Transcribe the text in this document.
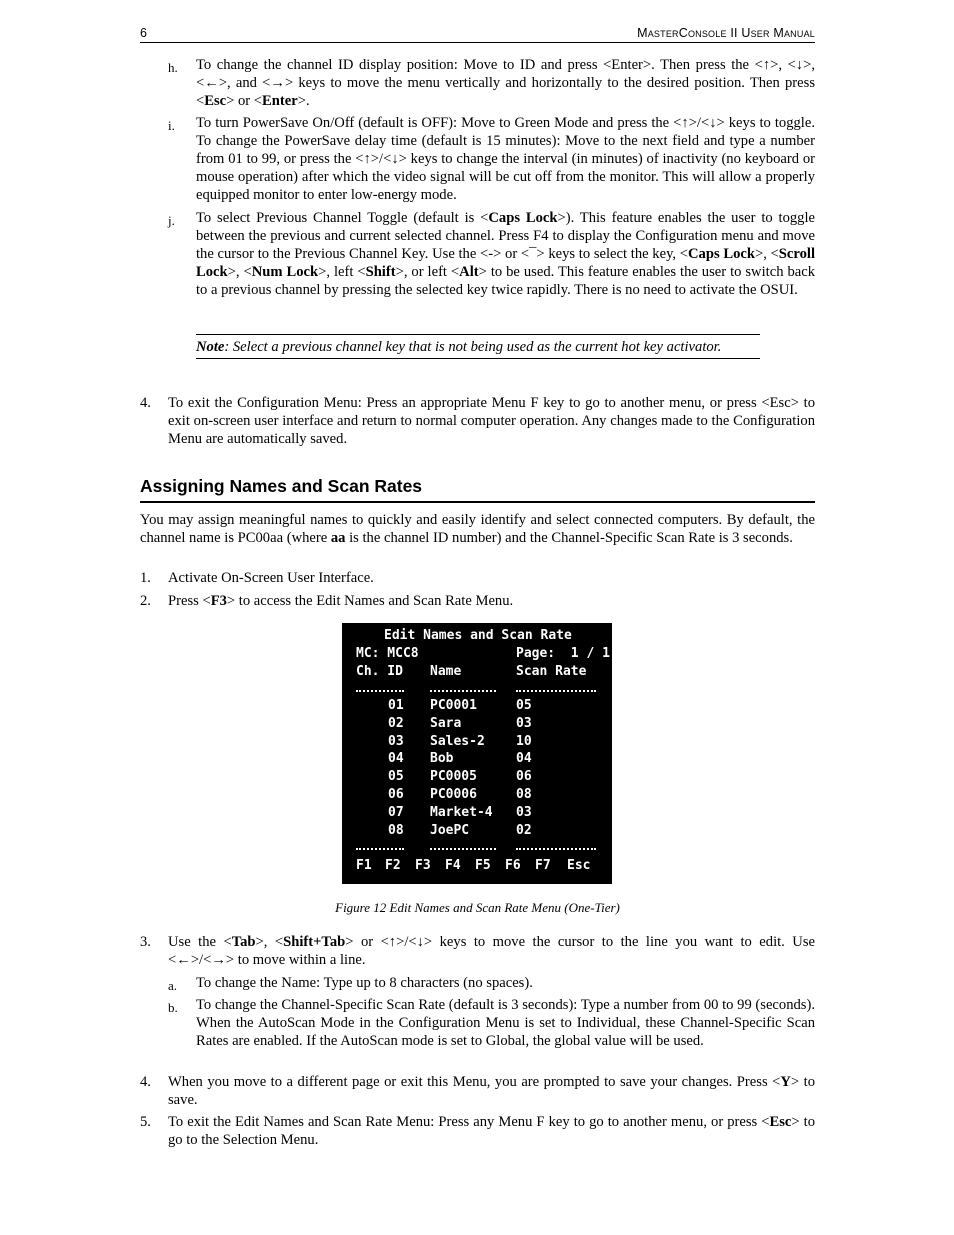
6	MasterConsole II User Manual
h. To change the channel ID display position: Move to ID and press <Enter>. Then press the <↑>, <↓>, <←>, and <→> keys to move the menu vertically and horizontally to the desired position. Then press <Esc> or <Enter>.
i. To turn PowerSave On/Off (default is OFF): Move to Green Mode and press the <↑>/<↓> keys to toggle. To change the PowerSave delay time (default is 15 minutes): Move to the next field and type a number from 01 to 99, or press the <↑>/<↓> keys to change the interval (in minutes) of inactivity (no keyboard or mouse operation) after which the video signal will be cut off from the monitor. This will allow a properly equipped monitor to enter low-energy mode.
j. To select Previous Channel Toggle (default is <Caps Lock>). This feature enables the user to toggle between the previous and current selected channel. Press F4 to display the Configuration menu and move the cursor to the Previous Channel Key. Use the <-> or <¯> keys to select the key, <Caps Lock>, <Scroll Lock>, <Num Lock>, left <Shift>, or left <Alt> to be used. This feature enables the user to switch back to a previous channel by pressing the selected key twice rapidly. There is no need to activate the OSUI.
Note: Select a previous channel key that is not being used as the current hot key activator.
4. To exit the Configuration Menu: Press an appropriate Menu F key to go to another menu, or press <Esc> to exit on-screen user interface and return to normal computer operation. Any changes made to the Configuration Menu are automatically saved.
Assigning Names and Scan Rates
You may assign meaningful names to quickly and easily identify and select connected computers. By default, the channel name is PC00aa (where aa is the channel ID number) and the Channel-Specific Scan Rate is 3 seconds.
1. Activate On-Screen User Interface.
2. Press <F3> to access the Edit Names and Scan Rate Menu.
Edit Names and Scan Rate
MC: MCC8	Page:  1 / 1
Ch. ID Name	Scan Rate
01 PC0001	05
02 Sara	03
03 Sales-2 10
04 Bob	04
05 PC0005	06
06 PC0006	08
07 Market-4 03
08 JoePC	02
F1 F2 F3 F4 F5 F6 F7 Esc
Figure 12 Edit Names and Scan Rate Menu (One-Tier)
3. Use the <Tab>, <Shift+Tab> or <↑>/<↓> keys to move the cursor to the line you want to edit. Use <←>/<→> to move within a line.
a. To change the Name: Type up to 8 characters (no spaces).
b. To change the Channel-Specific Scan Rate (default is 3 seconds): Type a number from 00 to 99 (seconds). When the AutoScan Mode in the Configuration Menu is set to Individual, these Channel-Specific Scan Rates are enabled. If the AutoScan mode is set to Global, the global value will be used.
4. When you move to a different page or exit this Menu, you are prompted to save your changes. Press <Y> to save.
5. To exit the Edit Names and Scan Rate Menu: Press any Menu F key to go to another menu, or press <Esc> to go to the Selection Menu.
